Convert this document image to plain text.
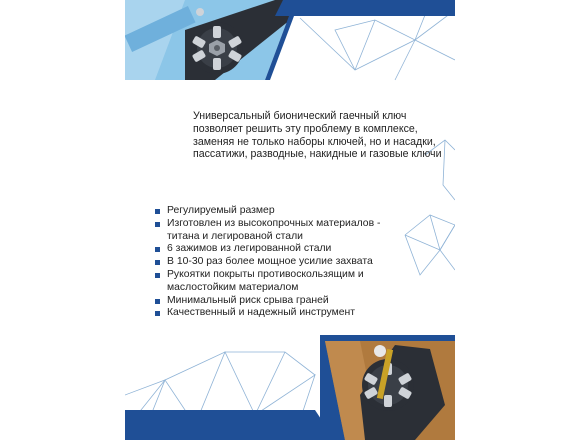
Универсальный бионический гаечный ключ позволяет решить эту проблему в комплексе, заменяя не только наборы ключей, но и насадки, пассатижи, разводные, накидные и газовые ключи

Регулируемый размер
Изготовлен из высокопрочных материалов -
титана и легированой стали
6 зажимов из легированной стали
В 10-30 раз более мощное усилие захвата
Рукоятки покрыты противоскользящим и
маслостойким материалом
Минимальный риск срыва граней
Качественный и надежный инструмент
